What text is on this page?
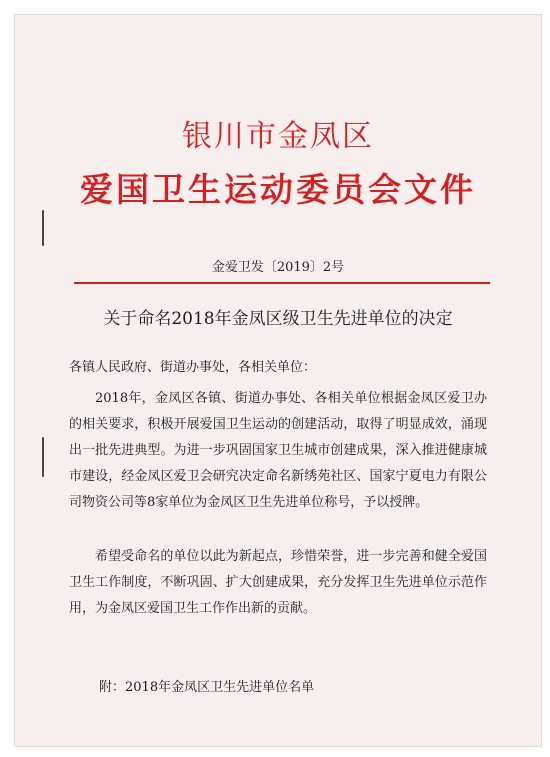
银川市金凤区
爱国卫生运动委员会文件
金爱卫发〔2019〕2号
关于命名2018年金凤区级卫生先进单位的决定
各镇人民政府、街道办事处，各相关单位：

2018年，金凤区各镇、街道办事处、各相关单位根据金凤区爱卫办的相关要求，积极开展爱国卫生运动的创建活动，取得了明显成效，涌现出一批先进典型。为进一步巩固国家卫生城市创建成果，深入推进健康城市建设，经金凤区爱卫会研究决定命名新绣苑社区、国家宁夏电力有限公司物资公司等8家单位为金凤区卫生先进单位称号，予以授牌。

希望受命名的单位以此为新起点，珍惜荣誉，进一步完善和健全爱国卫生工作制度，不断巩固、扩大创建成果，充分发挥卫生先进单位示范作用，为金凤区爱国卫生工作作出新的贡献。

附：2018年金凤区卫生先进单位名单
